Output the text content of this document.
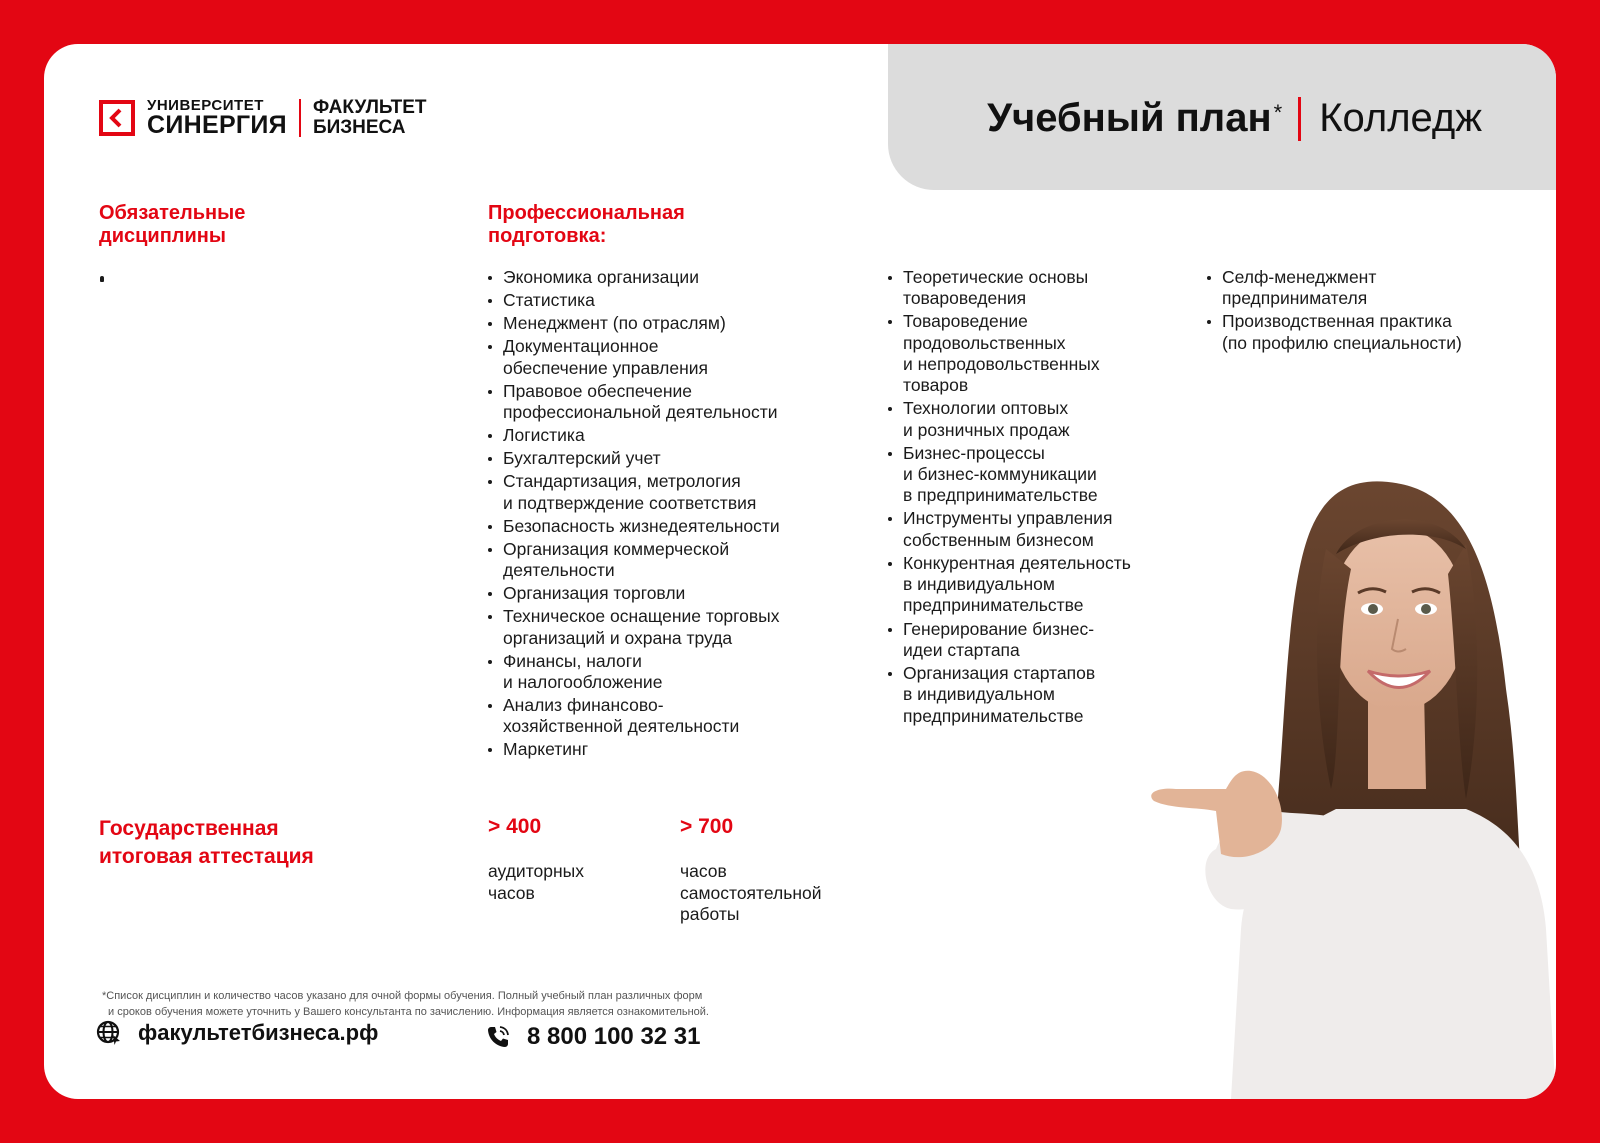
Учебный план* Колледж
УНИВЕРСИТЕТ
СИНЕРГИЯ
ФАКУЛЬТЕТ
БИЗНЕСА
Обязательные
дисциплины
Профессиональная
подготовка:
Экономика организации
Статистика
Менеджмент (по отраслям)
Документационное
обеспечение управления
Правовое обеспечение
профессиональной деятельности
Логистика
Бухгалтерский учет
Стандартизация, метрология
и подтверждение соответствия
Безопасность жизнедеятельности
Организация коммерческой
деятельности
Организация торговли
Техническое оснащение торговых
организаций и охрана труда
Финансы, налоги
и налогообложение
Анализ финансово-
хозяйственной деятельности
Маркетинг
Теоретические основы
товароведения
Товароведение
продовольственных
и непродовольственных
товаров
Технологии оптовых
и розничных продаж
Бизнес-процессы
и бизнес-коммуникации
в предпринимательстве
Инструменты управления
собственным бизнесом
Конкурентная деятельность
в индивидуальном
предпринимательстве
Генерирование бизнес-
идеи стартапа
Организация стартапов
в индивидуальном
предпринимательстве
Селф-менеджмент
предпринимателя
Производственная практика
(по профилю специальности)
Государственная
итоговая аттестация
> 400
аудиторных
часов
> 700
часов
самостоятельной
работы
*Список дисциплин и количество часов указано для очной формы обучения. Полный учебный план различных форм
и сроков обучения можете уточнить у Вашего консультанта по зачислению. Информация является ознакомительной.
факультетбизнеса.рф	8 800 100 32 31
